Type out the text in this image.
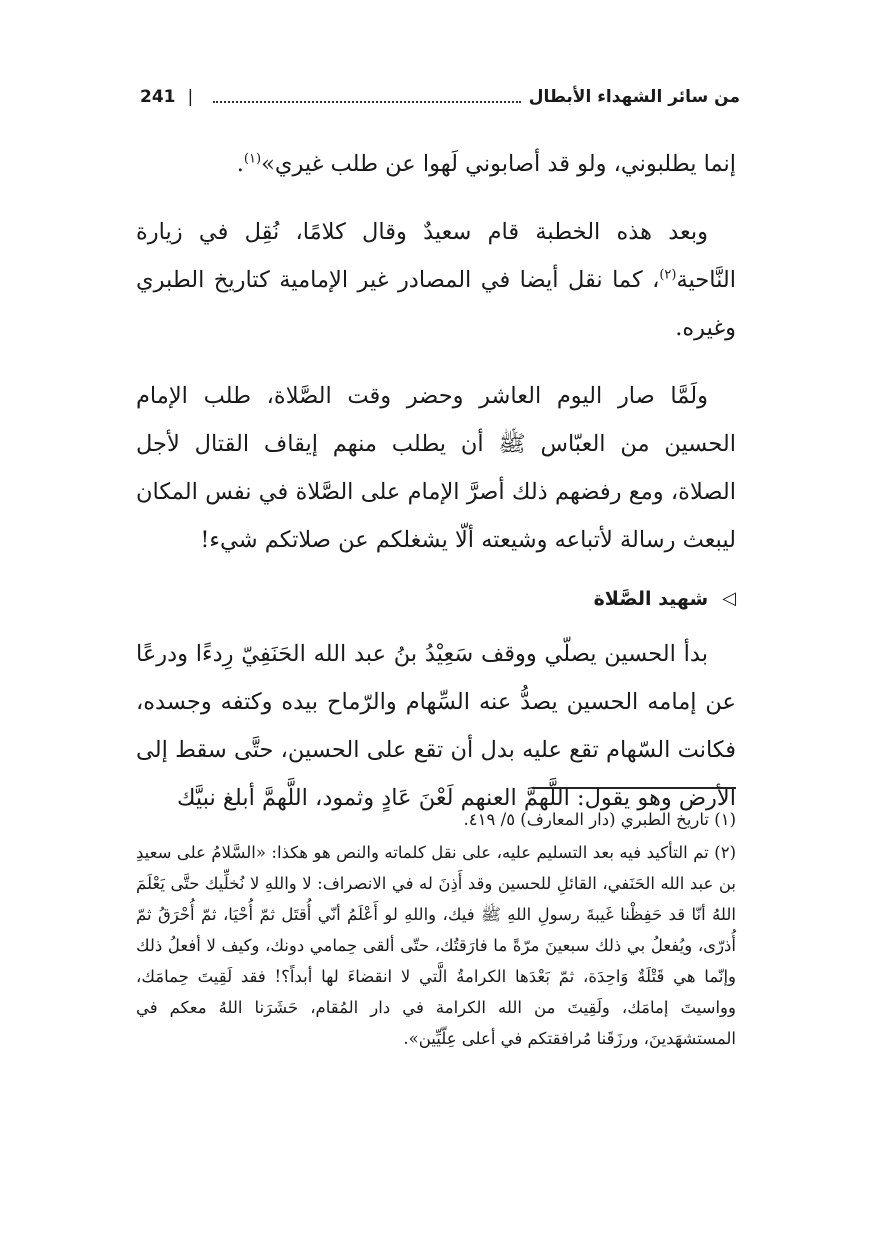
من سائر الشهداء الأبطال
|
241

إنما يطلبوني، ولو قد أصابوني لَهوا عن طلب غيري»$^{(١)}$.

وبعد هذه الخطبة قام سعيدٌ وقال كلامًا، نُقِل في زيارة النَّاحية$^{(٢)}$، كما نقل أيضا في المصادر غير الإمامية كتاريخ الطبري وغيره.

ولَمَّا صار اليوم العاشر وحضر وقت الصَّلاة، طلب الإمام الحسين من العبّاس ﷺ أن يطلب منهم إيقاف القتال لأجل الصلاة، ومع رفضهم ذلك أصرَّ الإمام على الصَّلاة في نفس المكان ليبعث رسالة لأتباعه وشيعته ألّا يشغلكم عن صلاتكم شيء!

◁
شهيد الصَّلاة

بدأ الحسين يصلّي ووقف سَعِيْدُ بنُ عبد الله الحَنَفِيّ رِدءًا ودرعًا عن إمامه الحسين يصدُّ عنه السِّهام والرّماح بيده وكتفه وجسده، فكانت السّهام تقع عليه بدل أن تقع على الحسين، حتَّى سقط إلى الأرض وهو يقول: اللَّهمَّ العنهم لَعْنَ عَادٍ وثمود، اللَّهمَّ أبلغ نبيَّك

(١) تاريخ الطبري (دار المعارف) ٥/ ٤١٩.

(٢) تم التأكيد فيه بعد التسليم عليه، على نقل كلماته والنص هو هكذا: «السَّلامُ على سعيدِ بن عبد الله الحَنَفي، القائلِ للحسين وقد أَذِنَ له في الانصراف: لا واللهِ لا نُخلِّيك حتَّى يَعْلَمَ اللهُ أنّا قد حَفِظْنا غَيبةَ رسولِ اللهِ ﷺ فيك، واللهِ لو أَعْلَمُ أنّي أُقتَل ثمّ أُحْيَا، ثمّ أُحْرَقُ ثمّ أُذرّى، ويُفعلُ بي ذلك سبعينَ مرّةً ما فارَقتُك، حتّى ألقى حِمامي دونك، وكيف لا أفعلُ ذلك وإنّما هي قَتْلَةٌ وَاحِدَة، ثمّ بَعْدَها الكرامةُ الَّتي لا انقضاءَ لها أبداً؟! فقد لَقِيتَ حِمامَك، وواسيتَ إمامَك، ولَقِيتَ من الله الكرامة في دار المُقام، حَشَرَنا اللهُ معكم في المستشهَدينَ، ورزَقَنا مُرافقتكم في أعلى عِلّيِّين».
